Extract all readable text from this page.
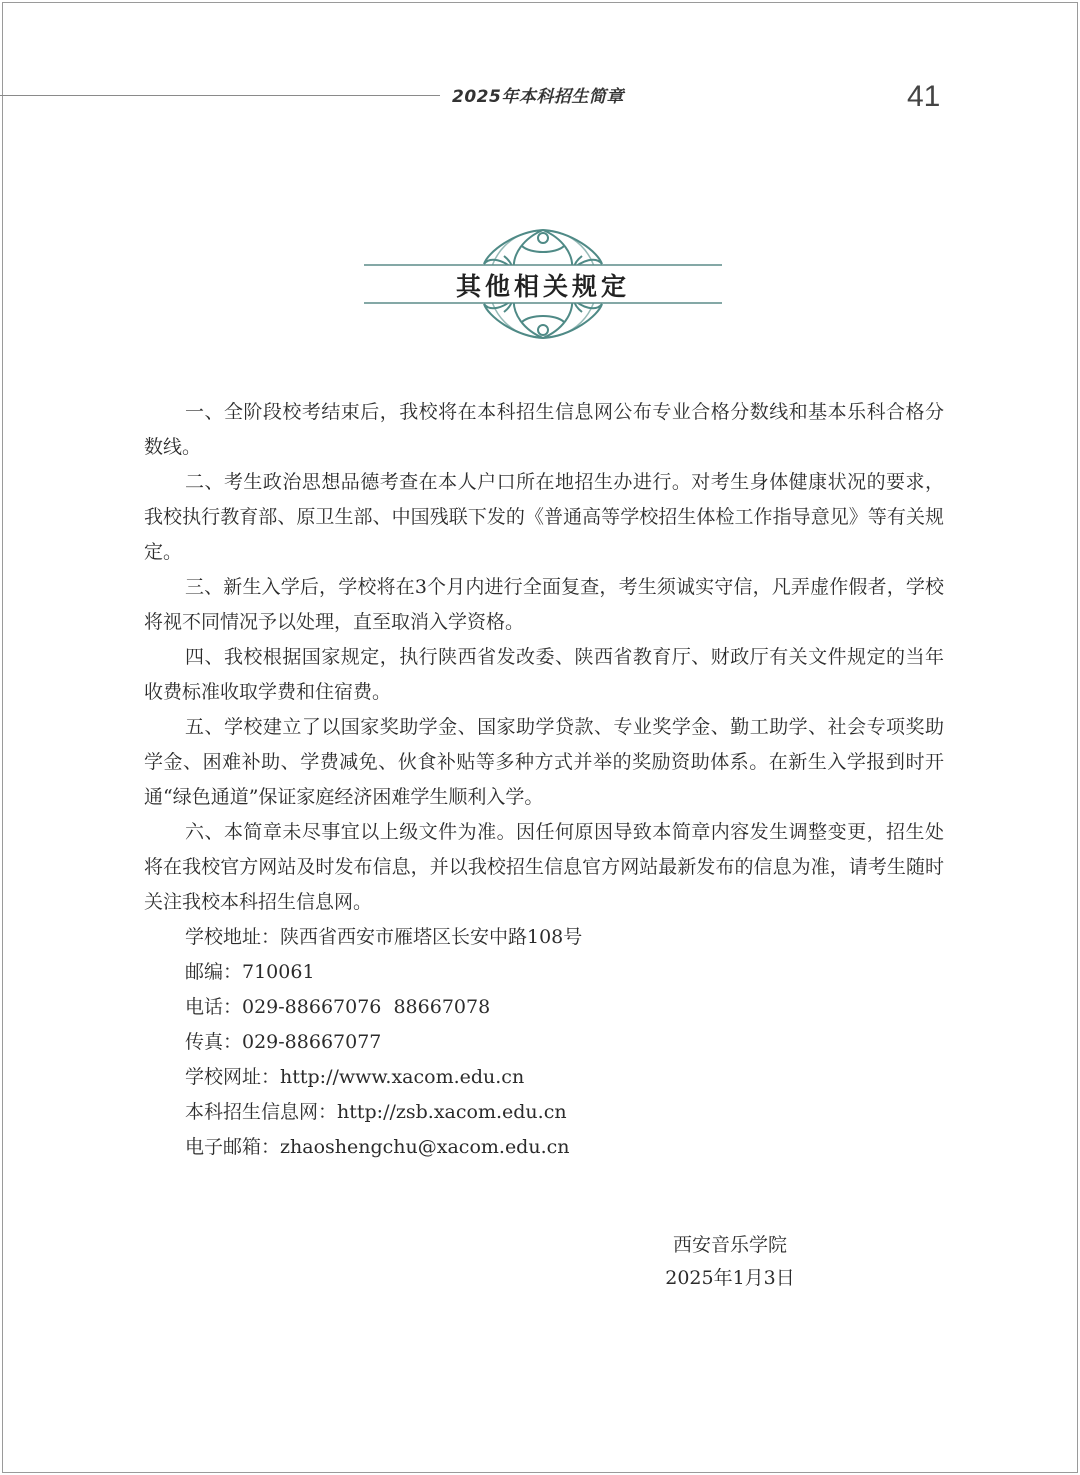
2025年本科招生简章	41
其他相关规定

一、全阶段校考结束后，我校将在本科招生信息网公布专业合格分数线和基本乐科合格分数线。

二、考生政治思想品德考查在本人户口所在地招生办进行。对考生身体健康状况的要求，我校执行教育部、原卫生部、中国残联下发的《普通高等学校招生体检工作指导意见》等有关规定。

三、新生入学后，学校将在3个月内进行全面复查，考生须诚实守信，凡弄虚作假者，学校将视不同情况予以处理，直至取消入学资格。

四、我校根据国家规定，执行陕西省发改委、陕西省教育厅、财政厅有关文件规定的当年收费标准收取学费和住宿费。

五、学校建立了以国家奖助学金、国家助学贷款、专业奖学金、勤工助学、社会专项奖助学金、困难补助、学费减免、伙食补贴等多种方式并举的奖励资助体系。在新生入学报到时开通“绿色通道”保证家庭经济困难学生顺利入学。

六、本简章未尽事宜以上级文件为准。因任何原因导致本简章内容发生调整变更，招生处将在我校官方网站及时发布信息，并以我校招生信息官方网站最新发布的信息为准，请考生随时关注我校本科招生信息网。

学校地址：陕西省西安市雁塔区长安中路108号

邮编：710061

电话：029-88667076  88667078

传真：029-88667077

学校网址：http://www.xacom.edu.cn

本科招生信息网：http://zsb.xacom.edu.cn

电子邮箱：zhaoshengchu@xacom.edu.cn

西安音乐学院
2025年1月3日
